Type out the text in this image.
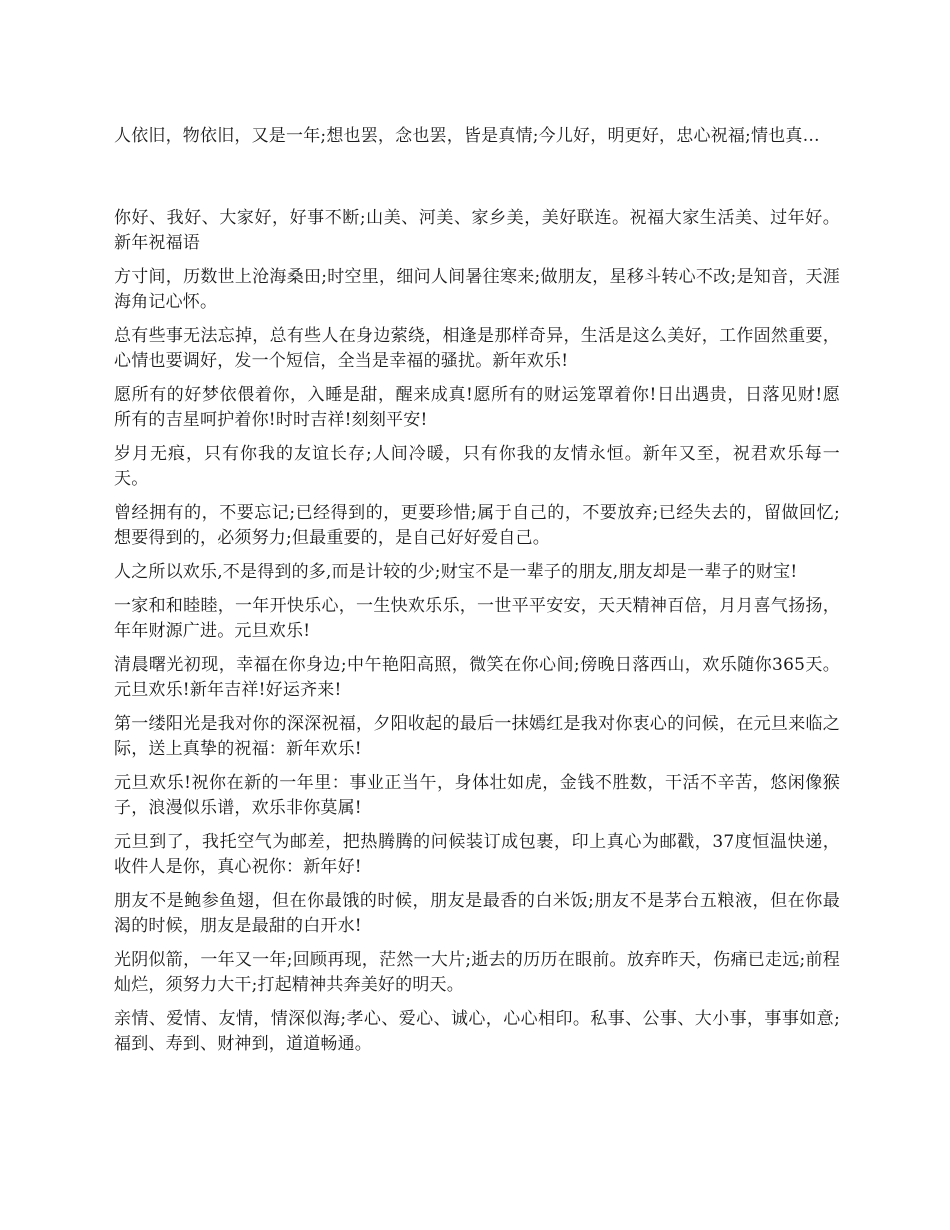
人依旧，物依旧，又是一年;想也罢，念也罢，皆是真情;今儿好，明更好，忠心祝福;情也真…

你好、我好、大家好，好事不断;山美、河美、家乡美，美好联连。祝福大家生活美、过年好。新年祝福语

方寸间，历数世上沧海桑田;时空里，细问人间暑往寒来;做朋友，星移斗转心不改;是知音，天涯海角记心怀。

总有些事无法忘掉，总有些人在身边萦绕，相逢是那样奇异，生活是这么美好，工作固然重要，心情也要调好，发一个短信，全当是幸福的骚扰。新年欢乐!

愿所有的好梦依偎着你，入睡是甜，醒来成真!愿所有的财运笼罩着你!日出遇贵，日落见财!愿所有的吉星呵护着你!时时吉祥!刻刻平安!

岁月无痕，只有你我的友谊长存;人间冷暖，只有你我的友情永恒。新年又至，祝君欢乐每一天。

曾经拥有的，不要忘记;已经得到的，更要珍惜;属于自己的，不要放弃;已经失去的，留做回忆;想要得到的，必须努力;但最重要的，是自己好好爱自己。

人之所以欢乐,不是得到的多,而是计较的少;财宝不是一辈子的朋友,朋友却是一辈子的财宝!

一家和和睦睦，一年开快乐心，一生快欢乐乐，一世平平安安，天天精神百倍，月月喜气扬扬，年年财源广进。元旦欢乐!

清晨曙光初现，幸福在你身边;中午艳阳高照，微笑在你心间;傍晚日落西山，欢乐随你365天。元旦欢乐!新年吉祥!好运齐来!

第一缕阳光是我对你的深深祝福，夕阳收起的最后一抹嫣红是我对你衷心的问候，在元旦来临之际，送上真挚的祝福：新年欢乐!

元旦欢乐!祝你在新的一年里：事业正当午，身体壮如虎，金钱不胜数，干活不辛苦，悠闲像猴子，浪漫似乐谱，欢乐非你莫属!

元旦到了，我托空气为邮差，把热腾腾的问候装订成包裹，印上真心为邮戳，37度恒温快递，收件人是你，真心祝你：新年好!

朋友不是鲍参鱼翅，但在你最饿的时候，朋友是最香的白米饭;朋友不是茅台五粮液，但在你最渴的时候，朋友是最甜的白开水!

光阴似箭，一年又一年;回顾再现，茫然一大片;逝去的历历在眼前。放弃昨天，伤痛已走远;前程灿烂，须努力大干;打起精神共奔美好的明天。

亲情、爱情、友情，情深似海;孝心、爱心、诚心，心心相印。私事、公事、大小事，事事如意;福到、寿到、财神到，道道畅通。
